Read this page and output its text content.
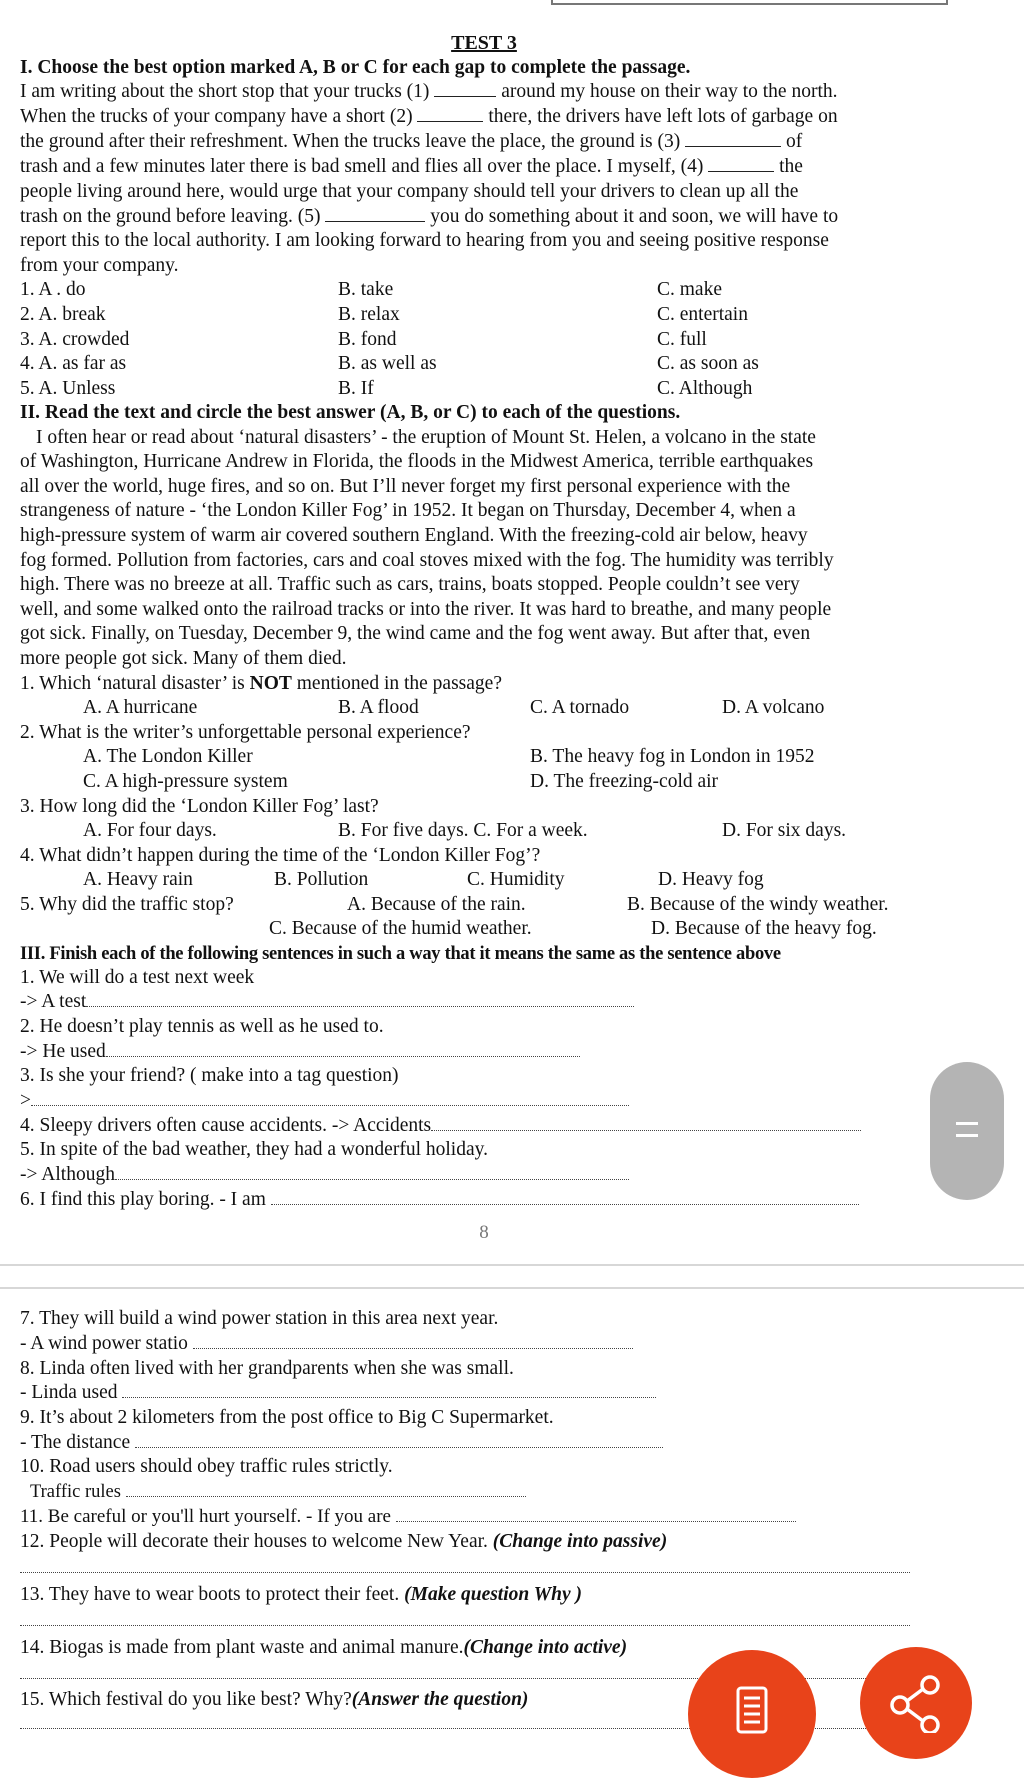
TEST 3
I. Choose the best option marked A, B or C for each gap to complete the passage.
I am writing about the short stop that your trucks (1)	around my house on their way to the north.
When the trucks of your company have a short (2)	there, the drivers have left lots of garbage on
the ground after their refreshment. When the trucks leave the place, the ground is (3)	of
trash and a few minutes later there is bad smell and flies all over the place. I myself, (4)	the
people living around here, would urge that your company should tell your drivers to clean up all the
trash on the ground before leaving. (5)	you do something about it and soon, we will have to
report this to the local authority. I am looking forward to hearing from you and seeing positive response
from your company.
1. A . do	B. take	C. make
2. A. break	B. relax	C. entertain
3. A. crowded	B. fond	C. full
4. A. as far as	B. as well as	C. as soon as
5. A. Unless	B. If	C. Although
II. Read the text and circle the best answer (A, B, or C) to each of the questions.
I often hear or read about ‘natural disasters’ - the eruption of Mount St. Helen, a volcano in the state
of Washington, Hurricane Andrew in Florida, the floods in the Midwest America, terrible earthquakes
all over the world, huge fires, and so on. But I’ll never forget my first personal experience with the
strangeness of nature - ‘the London Killer Fog’ in 1952. It began on Thursday, December 4, when a
high-pressure system of warm air covered southern England. With the freezing-cold air below, heavy
fog formed. Pollution from factories, cars and coal stoves mixed with the fog. The humidity was terribly
high. There was no breeze at all. Traffic such as cars, trains, boats stopped. People couldn’t see very
well, and some walked onto the railroad tracks or into the river. It was hard to breathe, and many people
got sick. Finally, on Tuesday, December 9, the wind came and the fog went away. But after that, even
more people got sick. Many of them died.
1. Which ‘natural disaster’ is NOT mentioned in the passage?
A. A hurricane	B. A flood	C. A tornado	D. A volcano
2. What is the writer’s unforgettable personal experience?
A. The London Killer	B. The heavy fog in London in 1952
C. A high-pressure system	D. The freezing-cold air
3. How long did the ‘London Killer Fog’ last?
A. For four days.	B. For five days. C. For a week.	D. For six days.
4. What didn’t happen during the time of the ‘London Killer Fog’?
A. Heavy rain	B. Pollution	C. Humidity	D. Heavy fog
5. Why did the traffic stop?	A. Because of the rain.	B. Because of the windy weather.
C. Because of the humid weather.	D. Because of the heavy fog.
III. Finish each of the following sentences in such a way that it means the same as the sentence above
1. We will do a test next week
-> A test
2. He doesn’t play tennis as well as he used to.
-> He used
3. Is she your friend? ( make into a tag question)
>
4. Sleepy drivers often cause accidents. -> Accidents
5. In spite of the bad weather, they had a wonderful holiday.
-> Although
6. I find this play boring. - I am
8
7. They will build a wind power station in this area next year.
- A wind power statio
8. Linda often lived with her grandparents when she was small.
- Linda used
9. It’s about 2 kilometers from the post office to Big C Supermarket.
- The distance
10. Road users should obey traffic rules strictly.
Traffic rules
11. Be careful or you'll hurt yourself. - If you are
12. People will decorate their houses to welcome New Year. (Change into passive)
13. They have to wear boots to protect their feet. (Make question Why )
14. Biogas is made from plant waste and animal manure.(Change into active)
15. Which festival do you like best? Why?(Answer the question)
